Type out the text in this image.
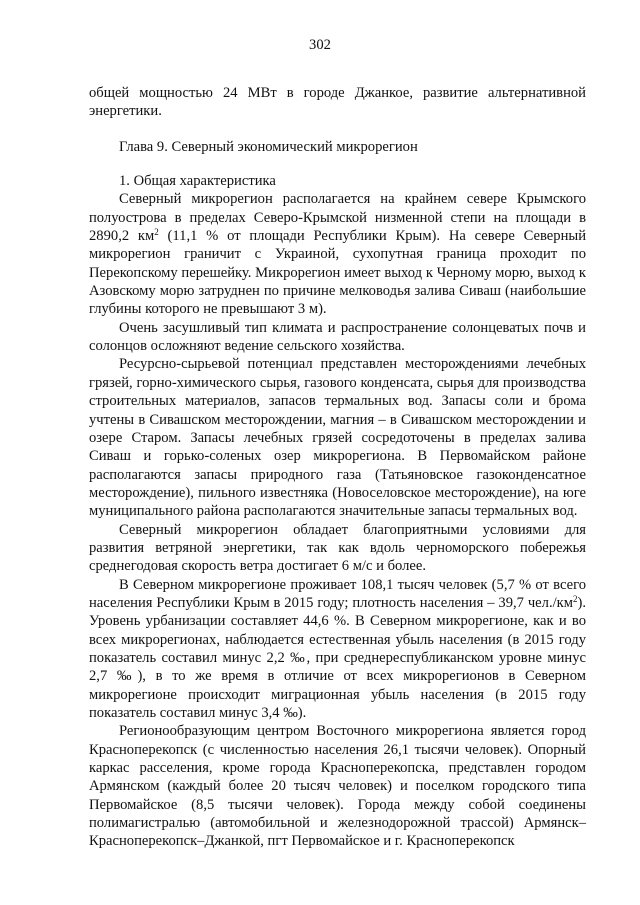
302

общей мощностью 24 МВт в городе Джанкое, развитие альтернативной энергетики.

Глава 9. Северный экономический микрорегион

1. Общая характеристика

Северный микрорегион располагается на крайнем севере Крымского полуострова в пределах Северо-Крымской низменной степи на площади в 2890,2 $км^2$ (11,1 % от площади Республики Крым). На севере Северный микрорегион граничит с Украиной, сухопутная граница проходит по Перекопскому перешейку. Микрорегион имеет выход к Черному морю, выход к Азовскому морю затруднен по причине мелководья залива Сиваш (наибольшие глубины которого не превышают 3 м).

Очень засушливый тип климата и распространение солонцеватых почв и солонцов осложняют ведение сельского хозяйства.

Ресурсно-сырьевой потенциал представлен месторождениями лечебных грязей, горно-химического сырья, газового конденсата, сырья для производства строительных материалов, запасов термальных вод. Запасы соли и брома учтены в Сивашском месторождении, магния – в Сивашском месторождении и озере Старом. Запасы лечебных грязей сосредоточены в пределах залива Сиваш и горько-соленых озер микрорегиона. В Первомайском районе располагаются запасы природного газа (Татьяновское газоконденсатное месторождение), пильного известняка (Новоселовское месторождение), на юге муниципального района располагаются значительные запасы термальных вод.

Северный микрорегион обладает благоприятными условиями для развития ветряной энергетики, так как вдоль черноморского побережья среднегодовая скорость ветра достигает 6 м/с и более.

В Северном микрорегионе проживает 108,1 тысяч человек (5,7 % от всего населения Республики Крым в 2015 году; плотность населения – 39,7 $чел./км^2$). Уровень урбанизации составляет 44,6 %. В Северном микрорегионе, как и во всех микрорегионах, наблюдается естественная убыль населения (в 2015 году показатель составил минус 2,2 ‰, при среднереспубликанском уровне минус 2,7 ‰), в то же время в отличие от всех микрорегионов в Северном микрорегионе происходит миграционная убыль населения (в 2015 году показатель составил минус 3,4 ‰).

Регионообразующим центром Восточного микрорегиона является город Красноперекопск (с численностью населения 26,1 тысячи человек). Опорный каркас расселения, кроме города Красноперекопска, представлен городом Армянском (каждый более 20 тысяч человек) и поселком городского типа Первомайское (8,5 тысячи человек). Города между собой соединены полимагистралью (автомобильной и железнодорожной трассой) Армянск–Красноперекопск–Джанкой, пгт Первомайское и г. Красноперекопск
